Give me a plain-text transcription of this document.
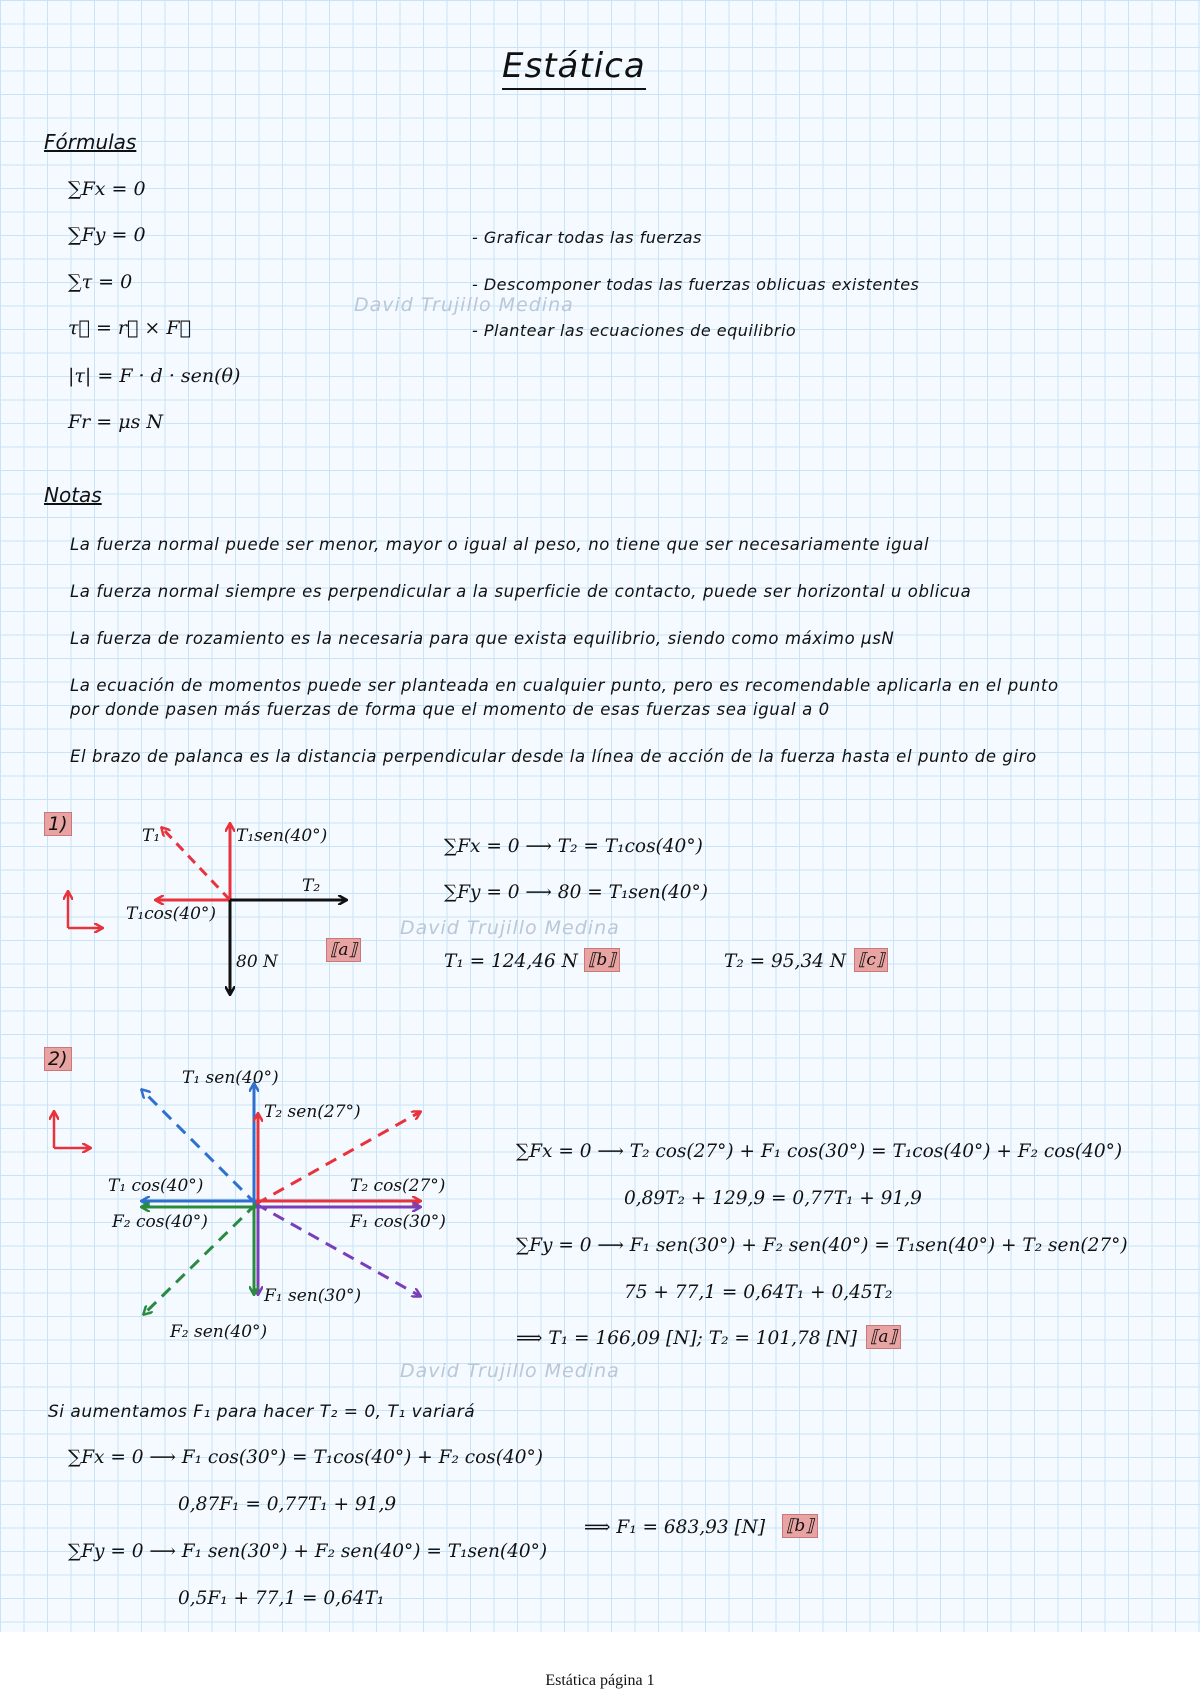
Estática
Fórmulas
∑Fx = 0
∑Fy = 0
∑τ = 0
τ⃗ = r⃗ × F⃗
|τ| = F · d · sen(θ)
Fr = μs N
- Graficar todas las fuerzas
- Descomponer todas las fuerzas oblicuas existentes
- Plantear las ecuaciones de equilibrio
David Trujillo Medina
Notas
La fuerza normal puede ser menor, mayor o igual al peso, no tiene que ser necesariamente igual
La fuerza normal siempre es perpendicular a la superficie de contacto, puede ser horizontal u oblicua
La fuerza de rozamiento es la necesaria para que exista equilibrio, siendo como máximo μsN
La ecuación de momentos puede ser planteada en cualquier punto, pero es recomendable aplicarla en el punto
por donde pasen más fuerzas de forma que el momento de esas fuerzas sea igual a 0
El brazo de palanca es la distancia perpendicular desde la línea de acción de la fuerza hasta el punto de giro
1)
T₁	T₁sen(40°)
T₂
T₁cos(40°)
80 N
⟦a⟧
∑Fx = 0 ⟶ T₂ = T₁cos(40°)
∑Fy = 0 ⟶ 80 = T₁sen(40°)
David Trujillo Medina
T₁ = 124,46 N ⟦b⟧	T₂ = 95,34 N ⟦c⟧
2)
T₁ sen(40°)
T₂ sen(27°)
T₁ cos(40°)
F₂ cos(40°)
T₂ cos(27°)
F₁ cos(30°)
F₁ sen(30°)
F₂ sen(40°)
∑Fx = 0 ⟶ T₂ cos(27°) + F₁ cos(30°) = T₁cos(40°) + F₂ cos(40°)
0,89T₂ + 129,9 = 0,77T₁ + 91,9
∑Fy = 0 ⟶ F₁ sen(30°) + F₂ sen(40°) = T₁sen(40°) + T₂ sen(27°)
75 + 77,1 = 0,64T₁ + 0,45T₂
⟹ T₁ = 166,09 [N]; T₂ = 101,78 [N] ⟦a⟧
David Trujillo Medina
Si aumentamos F₁ para hacer T₂ = 0, T₁ variará
∑Fx = 0 ⟶ F₁ cos(30°) = T₁cos(40°) + F₂ cos(40°)
0,87F₁ = 0,77T₁ + 91,9
⟹ F₁ = 683,93 [N] ⟦b⟧
∑Fy = 0 ⟶ F₁ sen(30°) + F₂ sen(40°) = T₁sen(40°)
0,5F₁ + 77,1 = 0,64T₁
Estática página 1
